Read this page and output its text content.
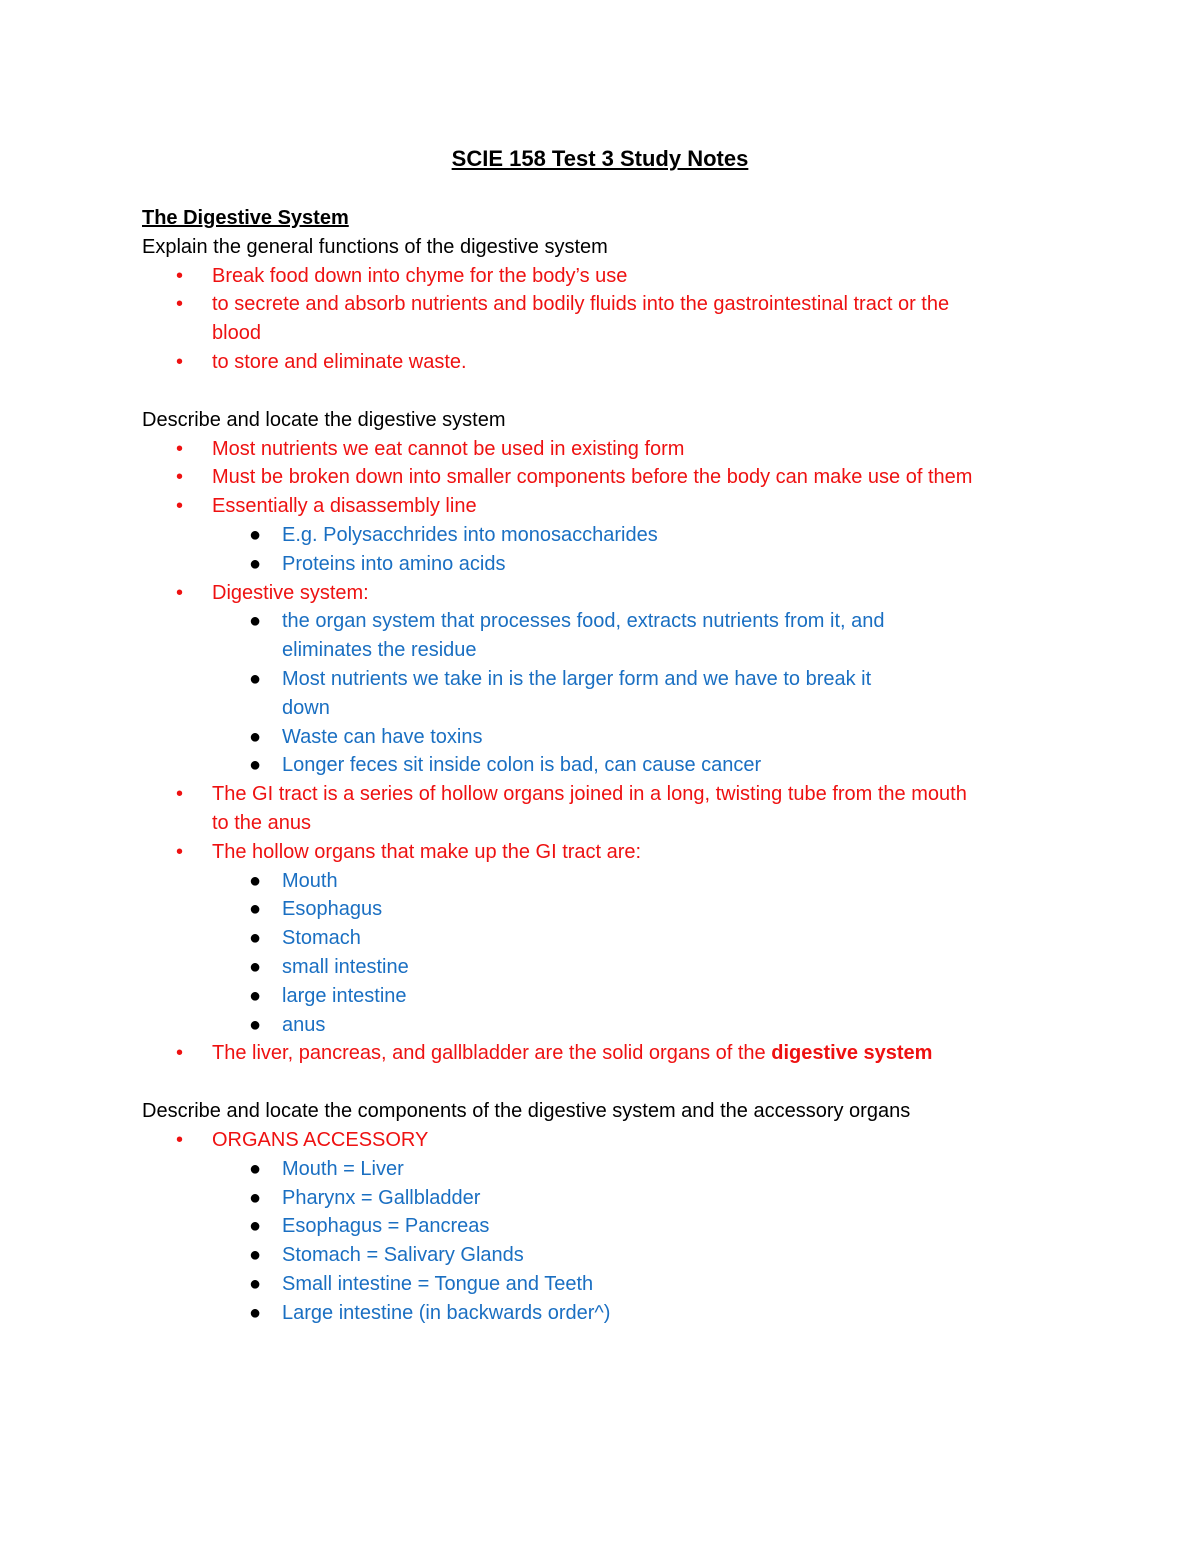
SCIE 158 Test 3 Study Notes
The Digestive System
Explain the general functions of the digestive system
• Break food down into chyme for the body’s use
• to secrete and absorb nutrients and bodily fluids into the gastrointestinal tract or the blood
• to store and eliminate waste.
Describe and locate the digestive system
• Most nutrients we eat cannot be used in existing form
• Must be broken down into smaller components before the body can make use of them
• Essentially a disassembly line
● E.g. Polysacchrides into monosaccharides
● Proteins into amino acids
• Digestive system:
● the organ system that processes food, extracts nutrients from it, and eliminates the residue
● Most nutrients we take in is the larger form and we have to break it down
● Waste can have toxins
● Longer feces sit inside colon is bad, can cause cancer
• The GI tract is a series of hollow organs joined in a long, twisting tube from the mouth to the anus
• The hollow organs that make up the GI tract are:
● Mouth
● Esophagus
● Stomach
● small intestine
● large intestine
● anus
• The liver, pancreas, and gallbladder are the solid organs of the digestive system
Describe and locate the components of the digestive system and the accessory organs
• ORGANS ACCESSORY
● Mouth = Liver
● Pharynx = Gallbladder
● Esophagus = Pancreas
● Stomach = Salivary Glands
● Small intestine = Tongue and Teeth
● Large intestine (in backwards order^)
